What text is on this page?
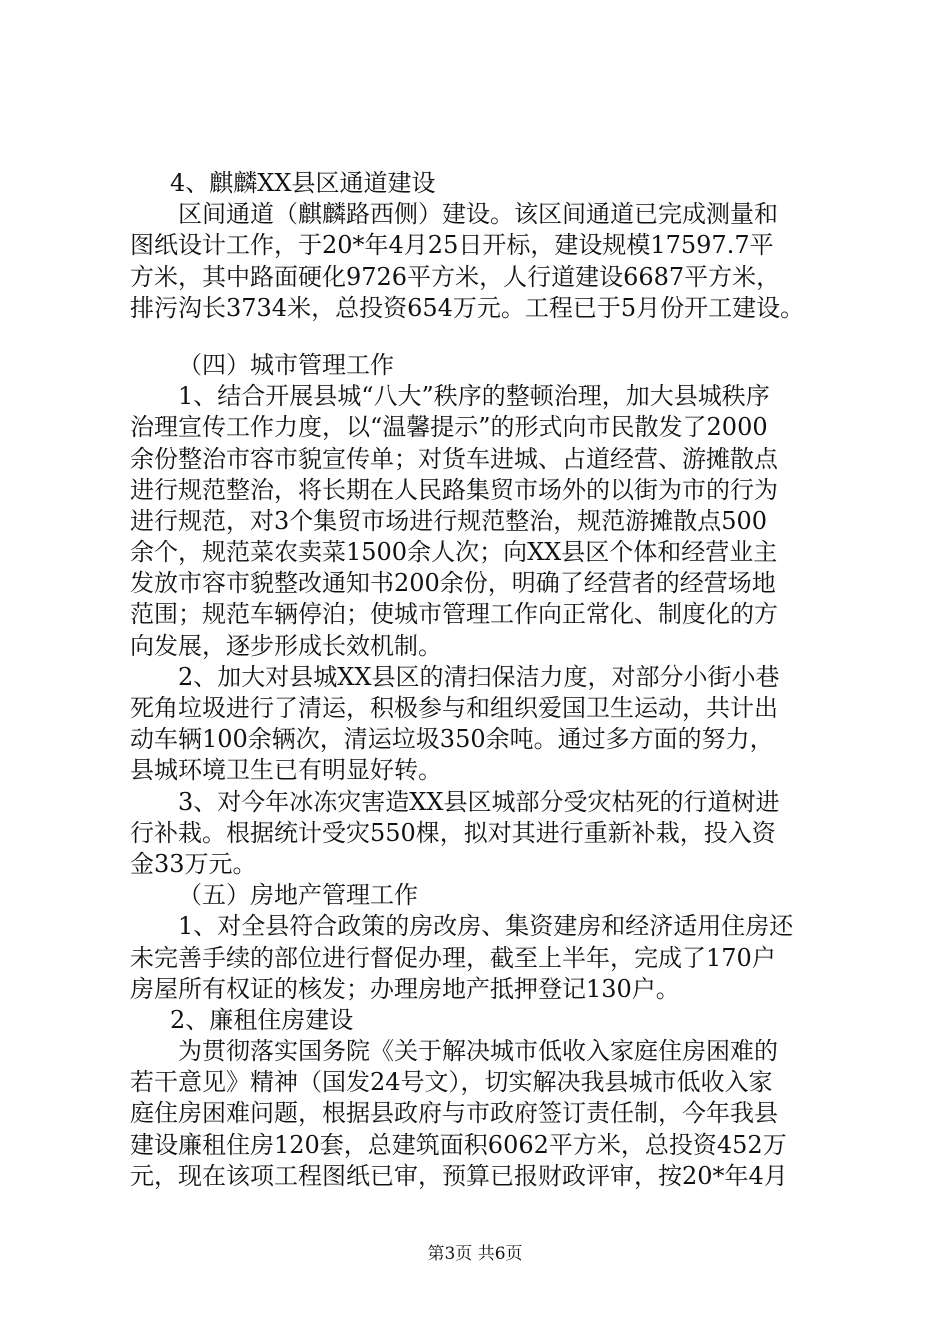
4、麒麟XX县区通道建设
区间通道（麒麟路西侧）建设。该区间通道已完成测量和
图纸设计工作，于20*年4月25日开标，建设规模17597.7平
方米，其中路面硬化9726平方米，人行道建设6687平方米，
排污沟长3734米，总投资654万元。工程已于5月份开工建设。
（四）城市管理工作
1、结合开展县城“八大”秩序的整顿治理，加大县城秩序
治理宣传工作力度，以“温馨提示”的形式向市民散发了2000
余份整治市容市貌宣传单；对货车进城、占道经营、游摊散点
进行规范整治，将长期在人民路集贸市场外的以街为市的行为
进行规范，对3个集贸市场进行规范整治，规范游摊散点500
余个，规范菜农卖菜1500余人次；向XX县区个体和经营业主
发放市容市貌整改通知书200余份，明确了经营者的经营场地
范围；规范车辆停泊；使城市管理工作向正常化、制度化的方
向发展，逐步形成长效机制。
2、加大对县城XX县区的清扫保洁力度，对部分小街小巷
死角垃圾进行了清运，积极参与和组织爱国卫生运动，共计出
动车辆100余辆次，清运垃圾350余吨。通过多方面的努力，
县城环境卫生已有明显好转。
3、对今年冰冻灾害造XX县区城部分受灾枯死的行道树进
行补栽。根据统计受灾550棵，拟对其进行重新补栽，投入资
金33万元。
（五）房地产管理工作
1、对全县符合政策的房改房、集资建房和经济适用住房还
未完善手续的部位进行督促办理，截至上半年，完成了170户
房屋所有权证的核发；办理房地产抵押登记130户。
2、廉租住房建设
为贯彻落实国务院《关于解决城市低收入家庭住房困难的
若干意见》精神（国发24号文），切实解决我县城市低收入家
庭住房困难问题，根据县政府与市政府签订责任制，今年我县
建设廉租住房120套，总建筑面积6062平方米，总投资452万
元，现在该项工程图纸已审，预算已报财政评审，按20*年4月
第3页 共6页
